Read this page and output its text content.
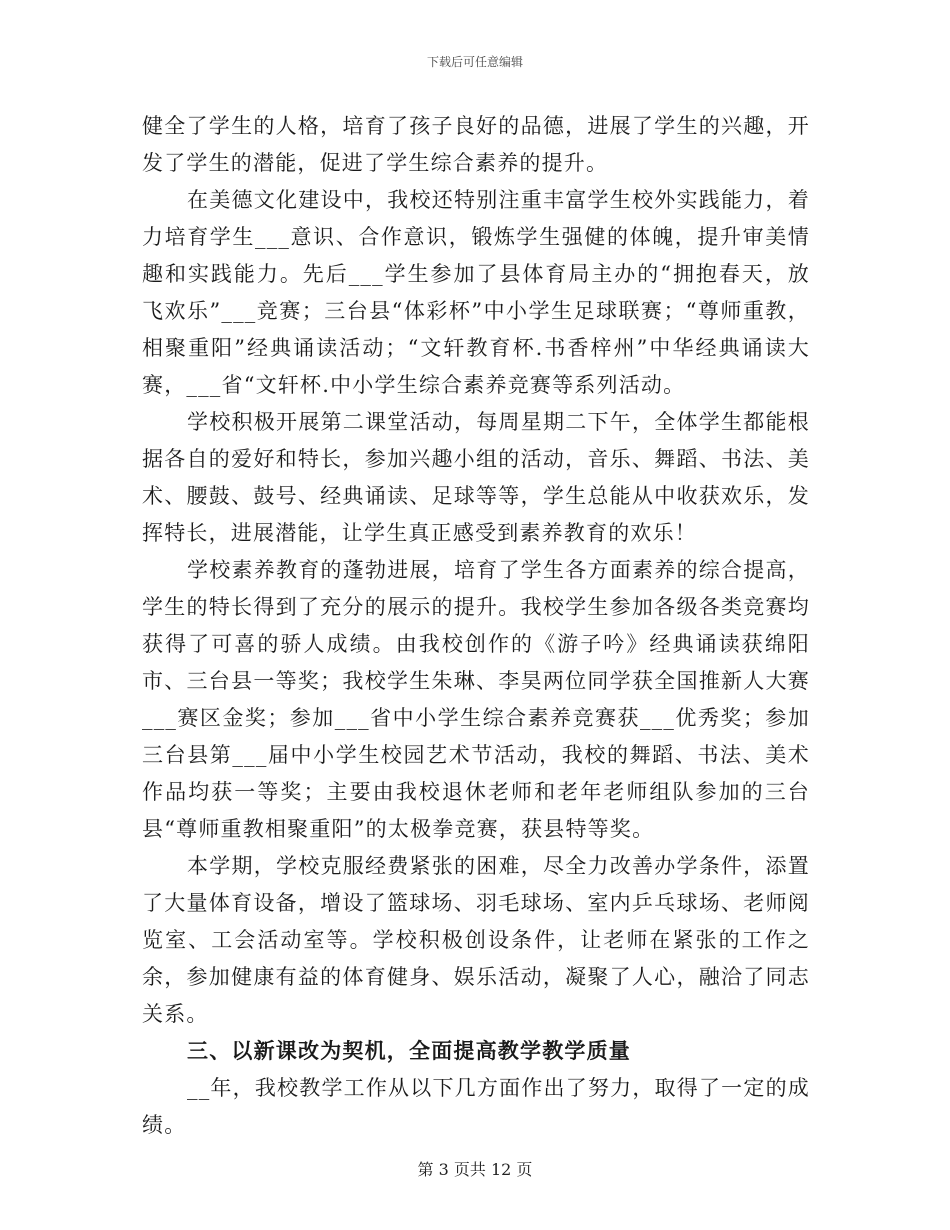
下载后可任意编辑

健全了学生的人格，培育了孩子良好的品德，进展了学生的兴趣，开发了学生的潜能，促进了学生综合素养的提升。

在美德文化建设中，我校还特别注重丰富学生校外实践能力，着力培育学生___意识、合作意识，锻炼学生强健的体魄，提升审美情趣和实践能力。先后___学生参加了县体育局主办的“拥抱春天，放飞欢乐”___竞赛；三台县“体彩杯”中小学生足球联赛；“尊师重教，相聚重阳”经典诵读活动；“文轩教育杯.书香梓州”中华经典诵读大赛，___省“文轩杯.中小学生综合素养竞赛等系列活动。

学校积极开展第二课堂活动，每周星期二下午，全体学生都能根据各自的爱好和特长，参加兴趣小组的活动，音乐、舞蹈、书法、美术、腰鼓、鼓号、经典诵读、足球等等，学生总能从中收获欢乐，发挥特长，进展潜能，让学生真正感受到素养教育的欢乐！

学校素养教育的蓬勃进展，培育了学生各方面素养的综合提高，学生的特长得到了充分的展示的提升。我校学生参加各级各类竞赛均获得了可喜的骄人成绩。由我校创作的《游子吟》经典诵读获绵阳市、三台县一等奖；我校学生朱琳、李昊两位同学获全国推新人大赛___赛区金奖；参加___省中小学生综合素养竞赛获___优秀奖；参加三台县第___届中小学生校园艺术节活动，我校的舞蹈、书法、美术作品均获一等奖；主要由我校退休老师和老年老师组队参加的三台县“尊师重教相聚重阳”的太极拳竞赛，获县特等奖。

本学期，学校克服经费紧张的困难，尽全力改善办学条件，添置了大量体育设备，增设了篮球场、羽毛球场、室内乒乓球场、老师阅览室、工会活动室等。学校积极创设条件，让老师在紧张的工作之余，参加健康有益的体育健身、娱乐活动，凝聚了人心，融洽了同志关系。

三、以新课改为契机，全面提高教学教学质量

__年，我校教学工作从以下几方面作出了努力，取得了一定的成绩。

第 3 页共 12 页
